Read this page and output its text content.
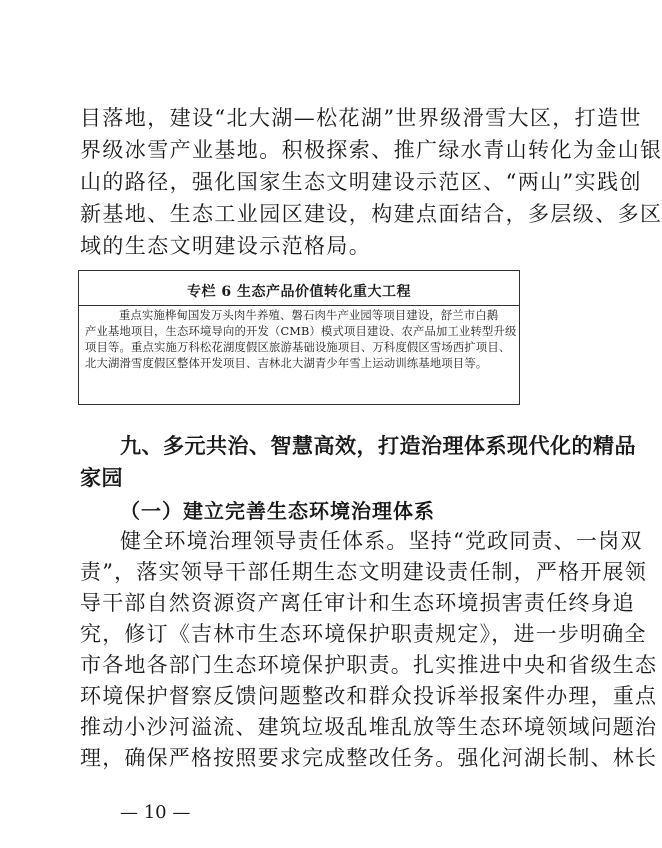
目落地，建设“北大湖—松花湖”世界级滑雪大区，打造世
界级冰雪产业基地。积极探索、推广绿水青山转化为金山银
山的路径，强化国家生态文明建设示范区、“两山”实践创
新基地、生态工业园区建设，构建点面结合，多层级、多区
域的生态文明建设示范格局。
专栏 6 生态产品价值转化重大工程
重点实施桦甸国发万头肉牛养殖、磐石肉牛产业园等项目建设，舒兰市白鹅
产业基地项目，生态环境导向的开发（CMB）模式项目建设、农产品加工业转型升级
项目等。重点实施万科松花湖度假区旅游基础设施项目、万科度假区雪场西扩项目、
北大湖滑雪度假区整体开发项目、吉林北大湖青少年雪上运动训练基地项目等。
九、多元共治、智慧高效，打造治理体系现代化的精品
家园
（一）建立完善生态环境治理体系
健全环境治理领导责任体系。坚持“党政同责、一岗双
责”，落实领导干部任期生态文明建设责任制，严格开展领
导干部自然资源资产离任审计和生态环境损害责任终身追
究，修订《吉林市生态环境保护职责规定》，进一步明确全
市各地各部门生态环境保护职责。扎实推进中央和省级生态
环境保护督察反馈问题整改和群众投诉举报案件办理，重点
推动小沙河溢流、建筑垃圾乱堆乱放等生态环境领域问题治
理，确保严格按照要求完成整改任务。强化河湖长制、林长
— 10 —
